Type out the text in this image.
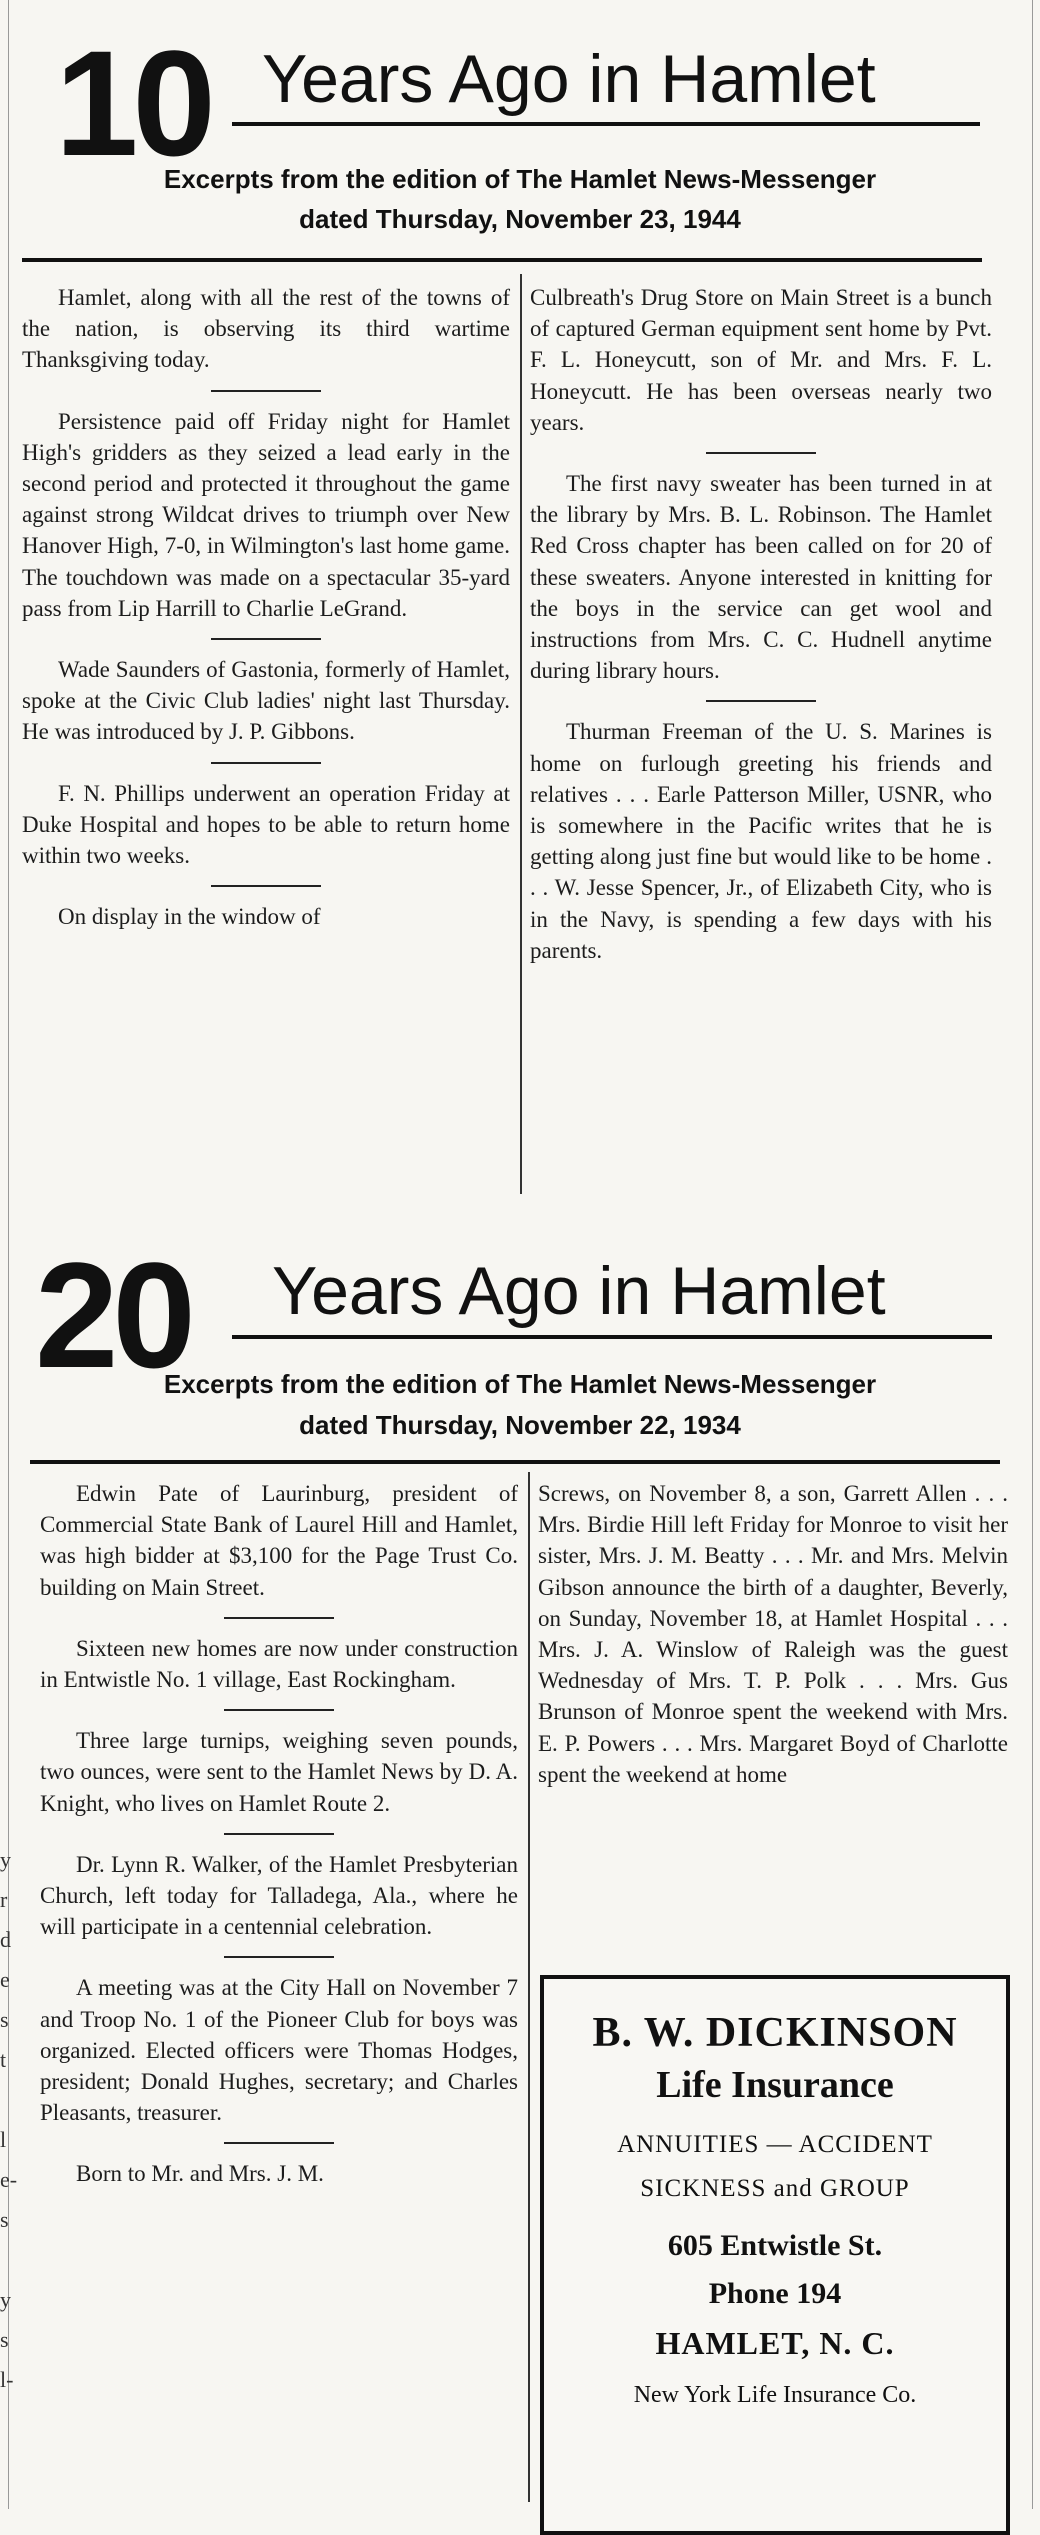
10 Years Ago in Hamlet
Excerpts from the edition of The Hamlet News-Messenger
dated Thursday, November 23, 1944

Hamlet, along with all the rest of the towns of the nation, is observing its third wartime Thanksgiving today.

Persistence paid off Friday night for Hamlet High's gridders as they seized a lead early in the second period and protected it throughout the game against strong Wildcat drives to triumph over New Hanover High, 7-0, in Wilmington's last home game. The touchdown was made on a spectacular 35-yard pass from Lip Harrill to Charlie LeGrand.

Wade Saunders of Gastonia, formerly of Hamlet, spoke at the Civic Club ladies' night last Thursday. He was introduced by J. P. Gibbons.

F. N. Phillips underwent an operation Friday at Duke Hospital and hopes to be able to return home within two weeks.

On display in the window of

Culbreath's Drug Store on Main Street is a bunch of captured German equipment sent home by Pvt. F. L. Honeycutt, son of Mr. and Mrs. F. L. Honeycutt. He has been overseas nearly two years.

The first navy sweater has been turned in at the library by Mrs. B. L. Robinson. The Hamlet Red Cross chapter has been called on for 20 of these sweaters. Anyone interested in knitting for the boys in the service can get wool and instructions from Mrs. C. C. Hudnell anytime during library hours.

Thurman Freeman of the U. S. Marines is home on furlough greeting his friends and relatives . . . Earle Patterson Miller, USNR, who is somewhere in the Pacific writes that he is getting along just fine but would like to be home . . . W. Jesse Spencer, Jr., of Elizabeth City, who is in the Navy, is spending a few days with his parents.

20 Years Ago in Hamlet
Excerpts from the edition of The Hamlet News-Messenger
dated Thursday, November 22, 1934

Edwin Pate of Laurinburg, president of Commercial State Bank of Laurel Hill and Hamlet, was high bidder at $3,100 for the Page Trust Co. building on Main Street.

Sixteen new homes are now under construction in Entwistle No. 1 village, East Rockingham.

Three large turnips, weighing seven pounds, two ounces, were sent to the Hamlet News by D. A. Knight, who lives on Hamlet Route 2.

Dr. Lynn R. Walker, of the Hamlet Presbyterian Church, left today for Talladega, Ala., where he will participate in a centennial celebration.

A meeting was at the City Hall on November 7 and Troop No. 1 of the Pioneer Club for boys was organized. Elected officers were Thomas Hodges, president; Donald Hughes, secretary; and Charles Pleasants, treasurer.

Born to Mr. and Mrs. J. M.

Screws, on November 8, a son, Garrett Allen . . . Mrs. Birdie Hill left Friday for Monroe to visit her sister, Mrs. J. M. Beatty . . . Mr. and Mrs. Melvin Gibson announce the birth of a daughter, Beverly, on Sunday, November 18, at Hamlet Hospital . . . Mrs. J. A. Winslow of Raleigh was the guest Wednesday of Mrs. T. P. Polk . . . Mrs. Gus Brunson of Monroe spent the weekend with Mrs. E. P. Powers . . . Mrs. Margaret Boyd of Charlotte spent the weekend at home

B. W. DICKINSON
Life Insurance
ANNUITIES — ACCIDENT
SICKNESS and GROUP
605 Entwistle St.
Phone 194
HAMLET, N. C.
New York Life Insurance Co.
y
r
d
e
s
t
l
e-
s
y
s
l-
